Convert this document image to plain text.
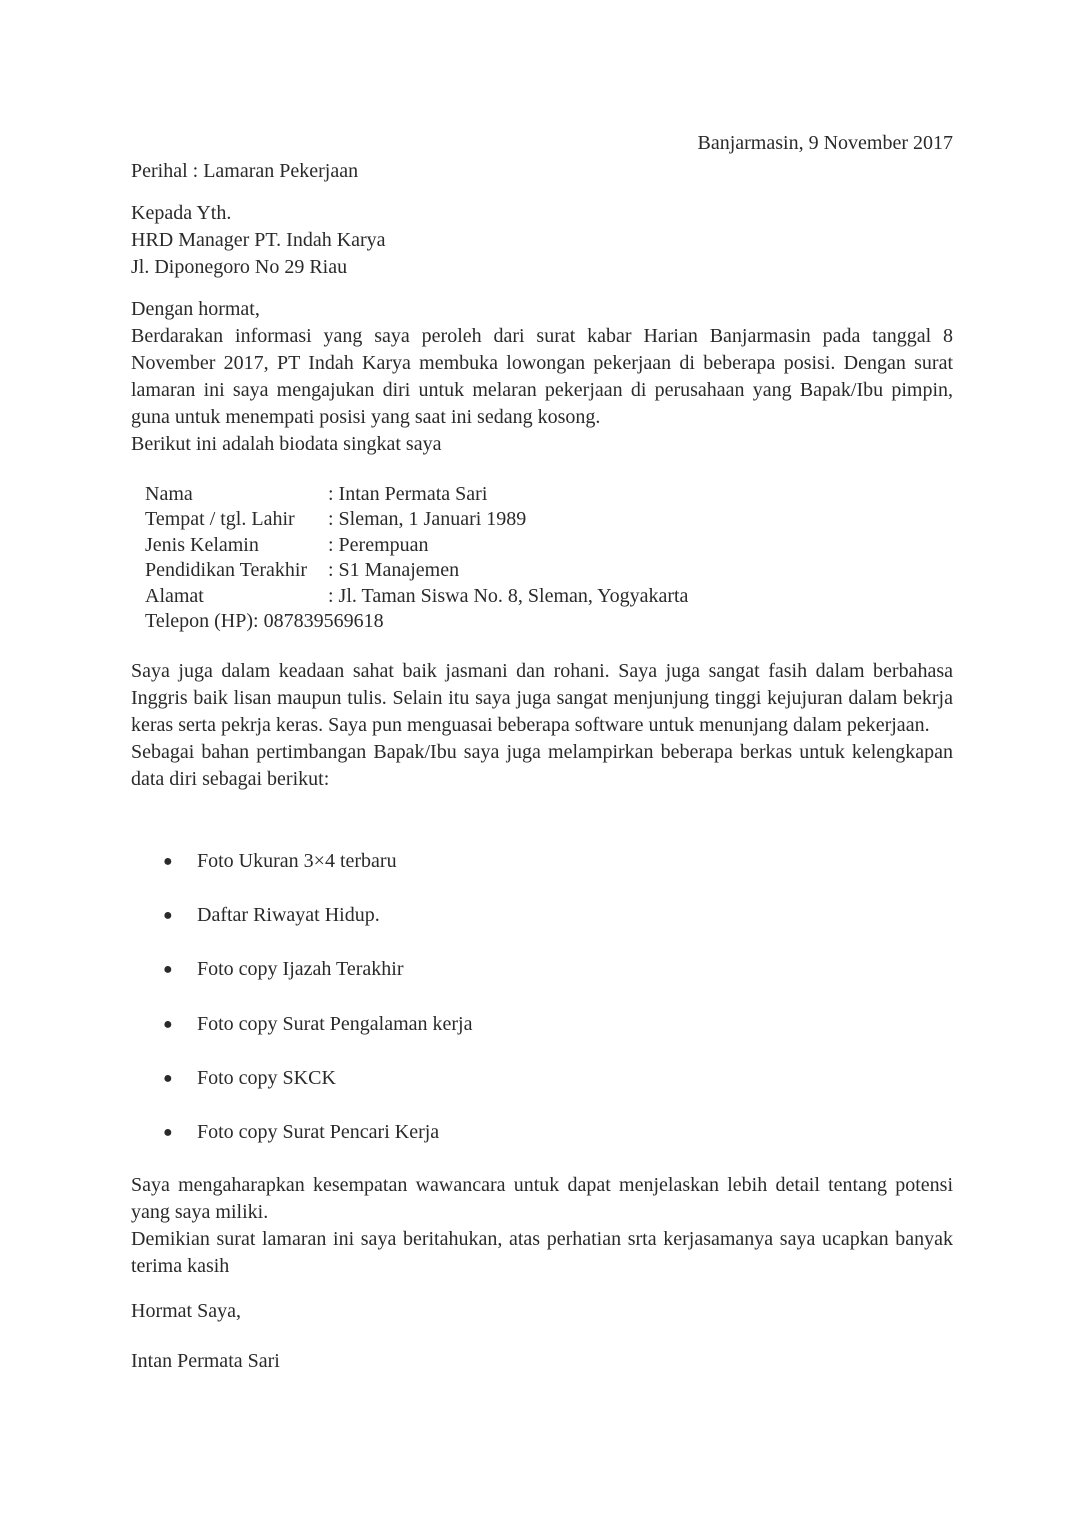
Banjarmasin, 9 November 2017
Perihal : Lamaran Pekerjaan
Kepada Yth.
HRD Manager PT. Indah Karya
Jl. Diponegoro No 29 Riau

Dengan hormat,

Berdarakan informasi yang saya peroleh dari surat kabar Harian Banjarmasin pada tanggal 8 November 2017, PT Indah Karya membuka lowongan pekerjaan di beberapa posisi. Dengan surat lamaran ini saya mengajukan diri untuk melaran pekerjaan di perusahaan yang Bapak/Ibu pimpin, guna untuk menempati posisi yang saat ini sedang kosong.

Berikut ini adalah biodata singkat saya

Nama	: Intan Permata Sari
Tempat / tgl. Lahir	: Sleman, 1 Januari 1989
Jenis Kelamin	: Perempuan
Pendidikan Terakhir	: S1 Manajemen
Alamat	: Jl. Taman Siswa No. 8, Sleman, Yogyakarta
Telepon (HP): 087839569618

Saya juga dalam keadaan sahat baik jasmani dan rohani. Saya juga sangat fasih dalam berbahasa Inggris baik lisan maupun tulis. Selain itu saya juga sangat menjunjung tinggi kejujuran dalam bekrja keras serta pekrja keras. Saya pun menguasai beberapa software untuk menunjang dalam pekerjaan.

Sebagai bahan pertimbangan Bapak/Ibu saya juga melampirkan beberapa berkas untuk kelengkapan data diri sebagai berikut:

●	Foto Ukuran 3×4 terbaru
●	Daftar Riwayat Hidup.
●	Foto copy Ijazah Terakhir
●	Foto copy Surat Pengalaman kerja
●	Foto copy SKCK
●	Foto copy Surat Pencari Kerja

Saya mengaharapkan kesempatan wawancara untuk dapat menjelaskan lebih detail tentang potensi yang saya miliki.

Demikian surat lamaran ini saya beritahukan, atas perhatian srta kerjasamanya saya ucapkan banyak terima kasih

Hormat Saya,
Intan Permata Sari
